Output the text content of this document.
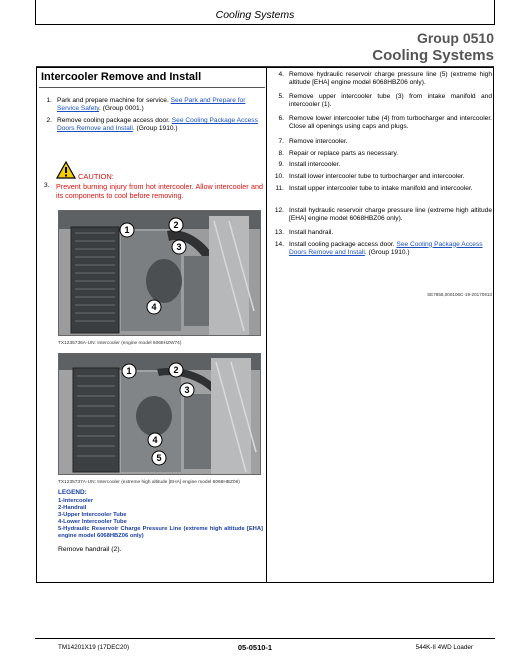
Cooling Systems
Group 0510
Cooling Systems
Intercooler Remove and Install
1. Park and prepare machine for service. See Park and Prepare for Service Safety. (Group 0001.)
2. Remove cooling package access door. See Cooling Package Access Doors Remove and Install. (Group 1910.)
3.
CAUTION:
Prevent burning injury from hot intercooler. Allow intercooler and its components to cool before removing.
1	2
3
4
TX1235736A-UN: Intercooler (engine model 6068HZW74)
1	2
3
4
5
TX1235737A-UN: Intercooler (extreme high altitude [EHA] engine model 6068HBZ06)
LEGEND:
1-Intercooler
2-Handrail
3-Upper Intercooler Tube
4-Lower Intercooler Tube
5-Hydraulic Reservoir Charge Pressure Line (extreme high altitude [EHA] engine model 6068HBZ06 only)
Remove handrail (2).
4. Remove hydraulic reservoir charge pressure line (5) (extreme high altitude [EHA] engine model 6068HBZ06 only).
5. Remove upper intercooler tube (3) from intake manifold and intercooler (1).
6. Remove lower intercooler tube (4) from turbocharger and intercooler. Close all openings using caps and plugs.
7. Remove intercooler.
8. Repair or replace parts as necessary.
9. Install intercooler.
10. Install lower intercooler tube to turbocharger and intercooler.
11. Install upper intercooler tube to intake manifold and intercooler.
12. Install hydraulic reservoir charge pressure line (extreme high altitude [EHA] engine model 6068HBZ06 only).
13. Install handrail.
14. Install cooling package access door. See Cooling Package Access Doors Remove and Install. (Group 1910.)
SE7858,000106C-19-20170913
TM14201X19 (17DEC20)	05-0510-1	544K-II 4WD Loader
